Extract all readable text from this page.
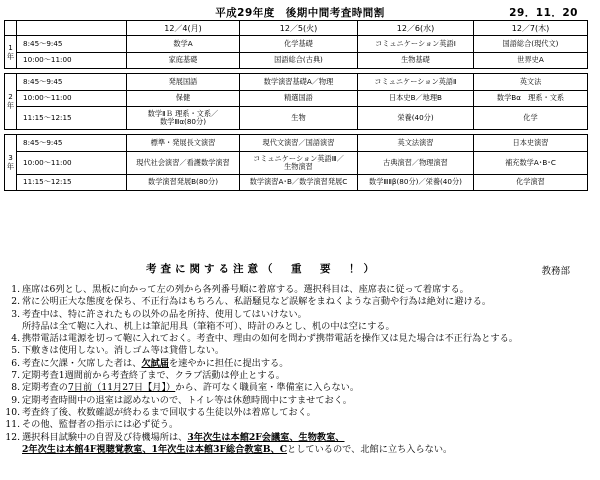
平成29年度　後期中間考査時間割	29．11．20
		12／4(月)	12／5(火)	12／6(水)	12／7(木)

1
年	8:45～9:45	数学A	化学基礎	コミュニケーション英語Ⅰ	国語総合(現代文)
	10:00～11:00	家庭基礎	国語総合(古典)	生物基礎	世界史A

2
年	8:45～9:45	発展国語	数学演習基礎A／物理	コミュニケーション英語Ⅱ	英文法
	10:00～11:00	保健	精選国語	日本史B／地理B	数学Bα　理系・文系
	11:15～12:15	数学ⅡＢ 理系・文系／
数学Ⅲα(80分)	生物	栄養(40分)	化学

3
年	8:45～9:45	標準・発展長文演習	現代文演習／国語演習	英文法演習	日本史演習
	10:00～11:00	現代社会演習／看護数学演習	コミュニケーション英語Ⅲ／
生物演習	古典演習／物理演習	補充数学A･B･C
	11:15～12:15	数学演習発展B(80分)	数学演習A･B／数学演習発展C	数学ⅢⅡβ(80分)／栄養(40分)	化学演習
考査に関する注意（　重　要　！）	教務部
1. 座席は6列とし、黒板に向かって左の列から各列番号順に着席する。選択科目は、座席表に従って着席する。
2. 常に公明正大な態度を保ち、不正行為はもちろん、私語騒見など誤解をまねくような言動や行為は絶対に避ける。
3. 考査中は、特に許されたもの以外の品を所持、使用してはいけない。
所持品は全て鞄に入れ、机上は筆記用具（筆箱不可）、時計のみとし、机の中は空にする。
4. 携帯電話は電源を切って鞄に入れておく。考査中、理由の如何を問わず携帯電話を操作又は見た場合は不正行為とする。
5. 下敷きは使用しない。消しゴム等は貸借しない。
6. 考査に欠課・欠席した者は、欠試届を速やかに担任に提出する。
7. 定期考査1週間前から考査終了まで、クラブ活動は停止とする。
8. 定期考査の7日前（11月27日【月】）から、許可なく職員室・準備室に入らない。
9. 定期考査時間中の退室は認めないので、トイレ等は休憩時間中にすませておく。
10. 考査終了後、枚数確認が終わるまで回収する生徒以外は着席しておく。
11. その他、監督者の指示には必ず従う。
12. 選択科目試験中の自習及び待機場所は、3年次生は本館2F会議室、生物教室、
2年次生は本館4F視聴覚教室、1年次生は本館3F総合教室B、Cとしているので、北館に立ち入らない。
